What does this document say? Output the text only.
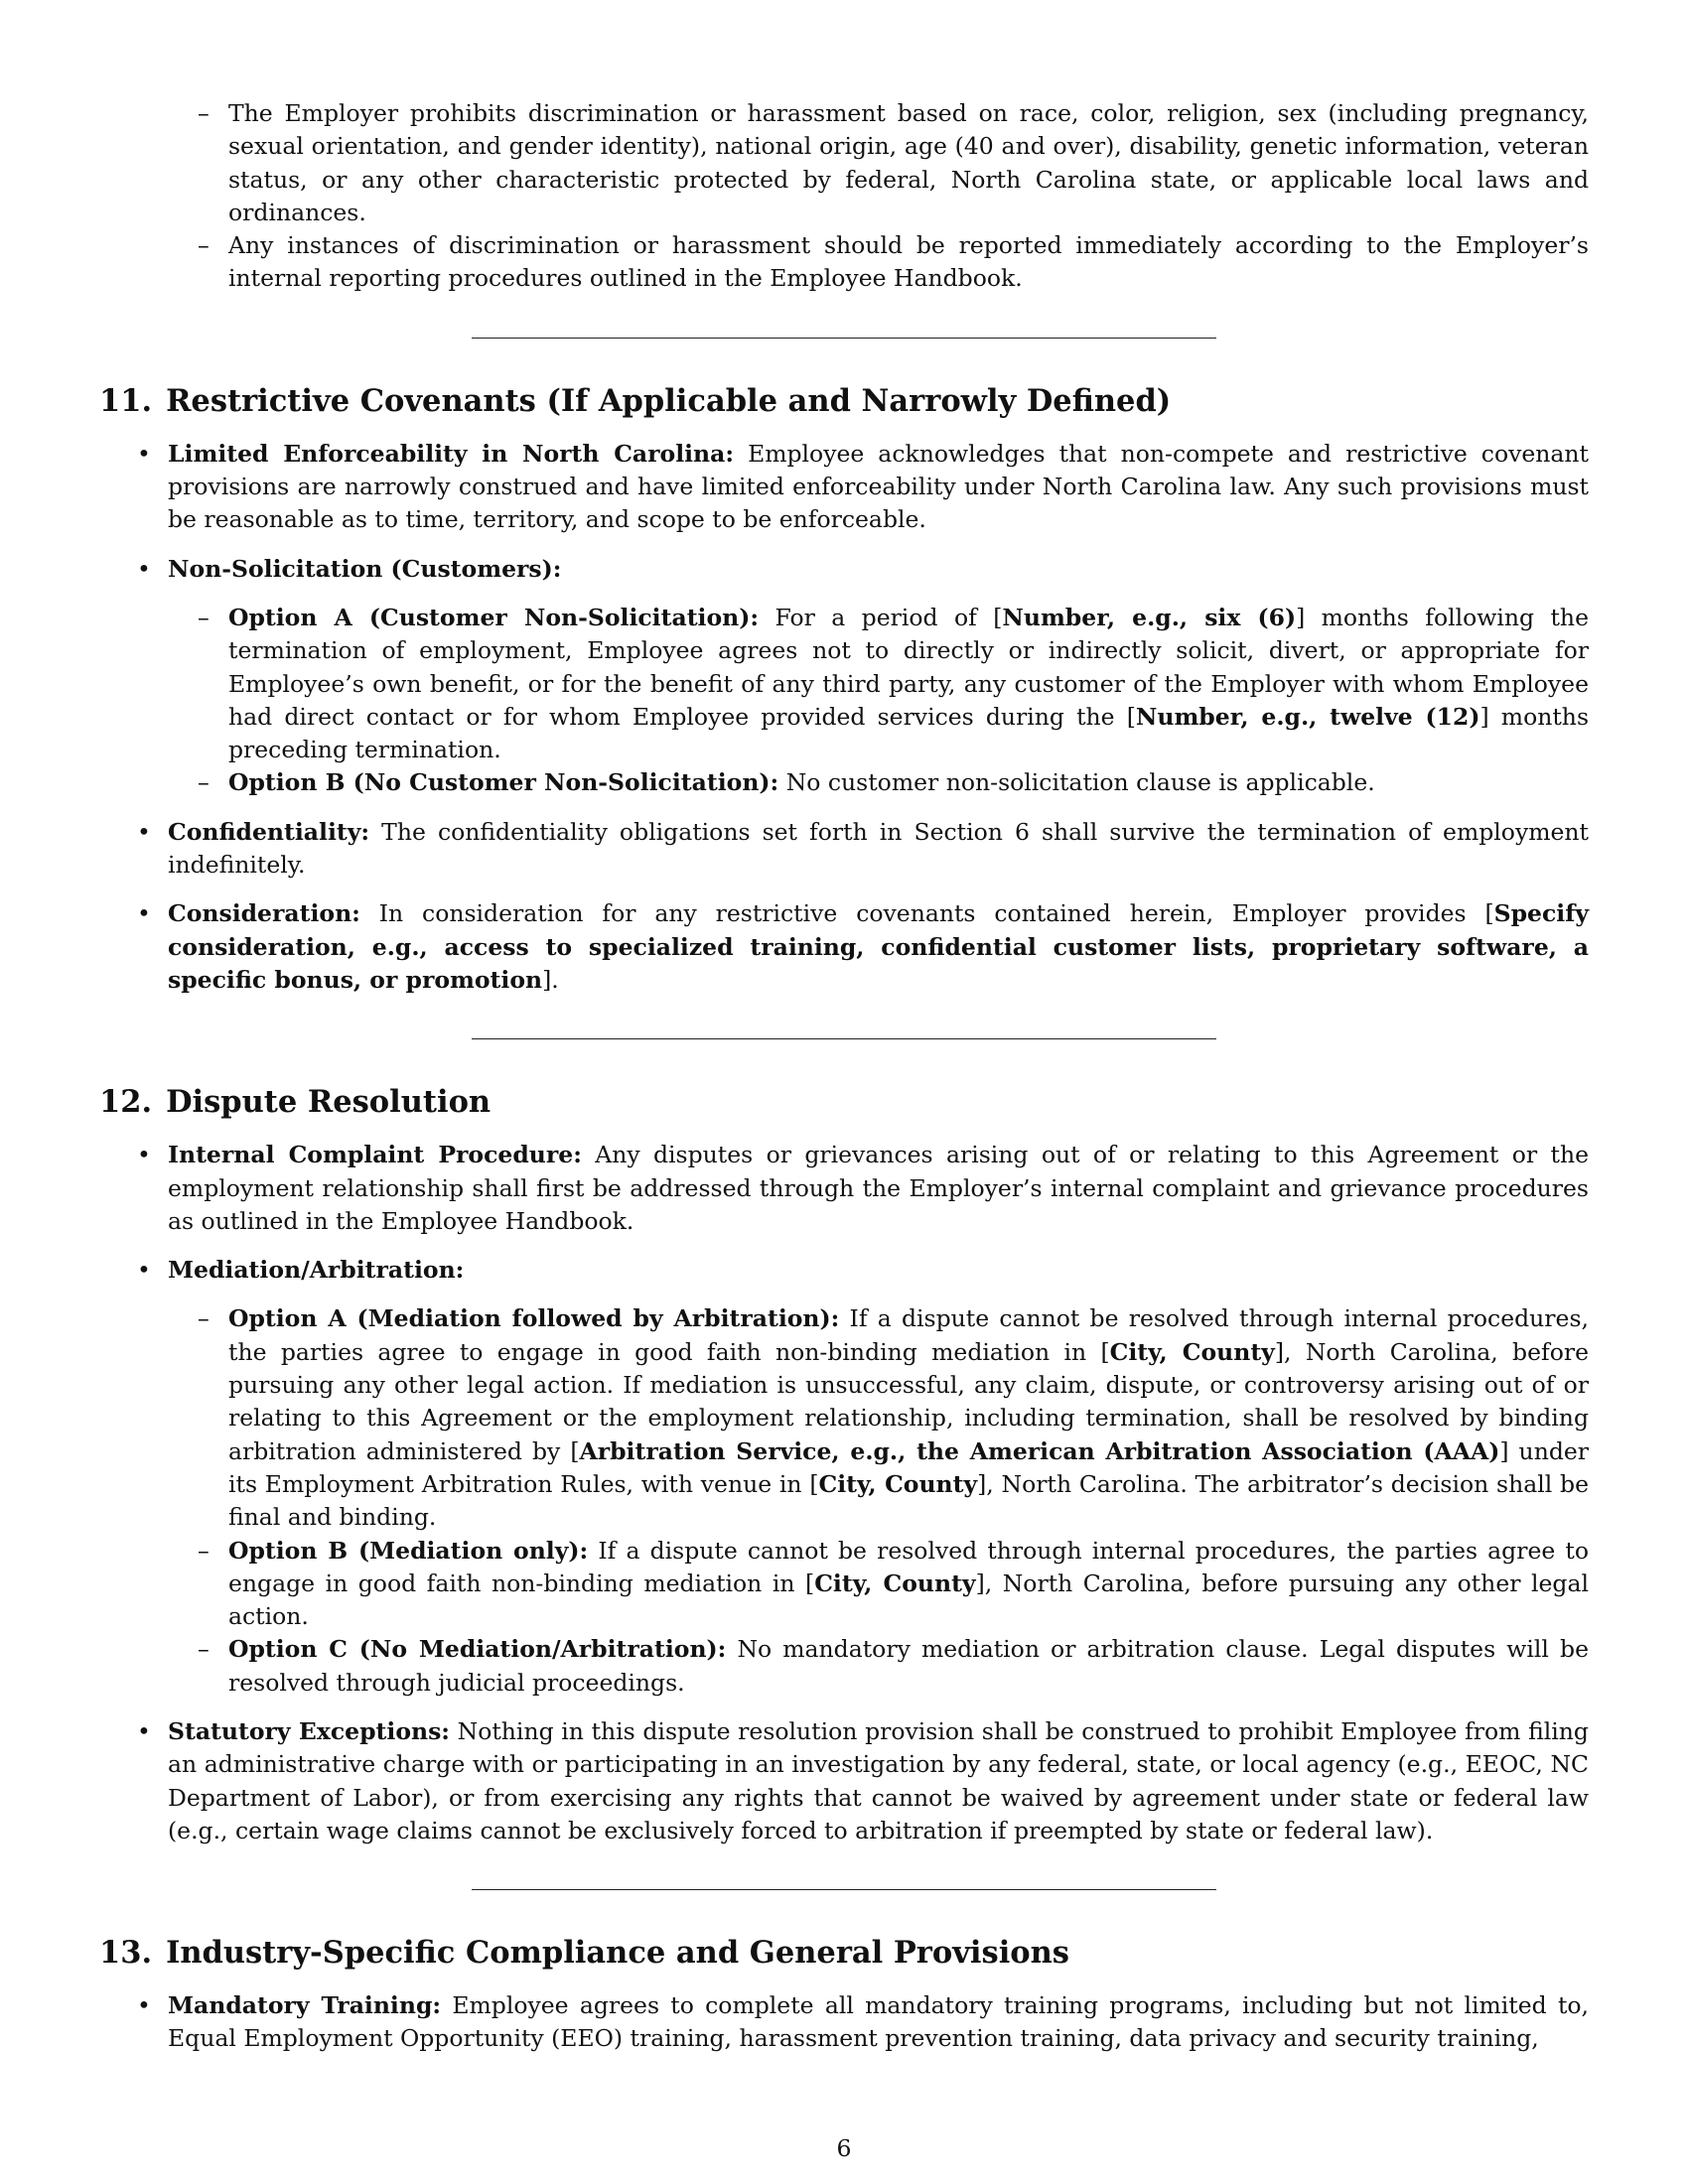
– The Employer prohibits discrimination or harassment based on race, color, religion, sex (including pregnancy, sexual orientation, and gender identity), national origin, age (40 and over), disability, genetic information, veteran status, or any other characteristic protected by federal, North Carolina state, or applicable local laws and ordinances.
– Any instances of discrimination or harassment should be reported immediately according to the Employer’s internal reporting procedures outlined in the Employee Handbook.
11. Restrictive Covenants (If Applicable and Narrowly Defined)
• Limited Enforceability in North Carolina: Employee acknowledges that non-compete and restrictive covenant provisions are narrowly construed and have limited enforceability under North Carolina law. Any such provisions must be reasonable as to time, territory, and scope to be enforceable.
• Non-Solicitation (Customers):
– Option A (Customer Non-Solicitation): For a period of [Number, e.g., six (6)] months following the termination of employment, Employee agrees not to directly or indirectly solicit, divert, or appropriate for Employee’s own benefit, or for the benefit of any third party, any customer of the Employer with whom Employee had direct contact or for whom Employee provided services during the [Number, e.g., twelve (12)] months preceding termination.
– Option B (No Customer Non-Solicitation): No customer non-solicitation clause is applicable.
• Confidentiality: The confidentiality obligations set forth in Section 6 shall survive the termination of employment indefinitely.
• Consideration: In consideration for any restrictive covenants contained herein, Employer provides [Specify consideration, e.g., access to specialized training, confidential customer lists, proprietary software, a specific bonus, or promotion].
12. Dispute Resolution
• Internal Complaint Procedure: Any disputes or grievances arising out of or relating to this Agreement or the employment relationship shall first be addressed through the Employer’s internal complaint and grievance procedures as outlined in the Employee Handbook.
• Mediation/Arbitration:
– Option A (Mediation followed by Arbitration): If a dispute cannot be resolved through internal procedures, the parties agree to engage in good faith non-binding mediation in [City, County], North Carolina, before pursuing any other legal action. If mediation is unsuccessful, any claim, dispute, or controversy arising out of or relating to this Agreement or the employment relationship, including termination, shall be resolved by binding arbitration administered by [Arbitration Service, e.g., the American Arbitration Association (AAA)] under its Employment Arbitration Rules, with venue in [City, County], North Carolina. The arbitrator’s decision shall be final and binding.
– Option B (Mediation only): If a dispute cannot be resolved through internal procedures, the parties agree to engage in good faith non-binding mediation in [City, County], North Carolina, before pursuing any other legal action.
– Option C (No Mediation/Arbitration): No mandatory mediation or arbitration clause. Legal disputes will be resolved through judicial proceedings.
• Statutory Exceptions: Nothing in this dispute resolution provision shall be construed to prohibit Employee from filing an administrative charge with or participating in an investigation by any federal, state, or local agency (e.g., EEOC, NC Department of Labor), or from exercising any rights that cannot be waived by agreement under state or federal law (e.g., certain wage claims cannot be exclusively forced to arbitration if preempted by state or federal law).
13. Industry-Specific Compliance and General Provisions
• Mandatory Training: Employee agrees to complete all mandatory training programs, including but not limited to, Equal Employment Opportunity (EEO) training, harassment prevention training, data privacy and security training,
6
